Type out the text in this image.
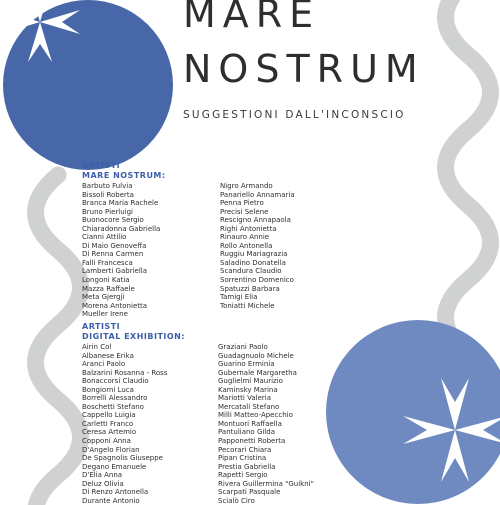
MARE
NOSTRUM
SUGGESTIONI DALL'INCONSCIO
ARTISTI
MARE NOSTRUM:
Barbuto Fulvia
Bissoli Roberta
Branca Maria Rachele
Bruno Pierluigi
Buonocore Sergio
Chiaradonna Gabriella
Cianni Attilio
Di Maio Genoveffa
Di Renna Carmen
Falli Francesca
Lamberti Gabriella
Longoni Katia
Mazza Raffaele
Meta Gjergji
Morena Antonietta
Mueller Irene
Nigro Armando
Panariello Annamaria
Penna Pietro
Precisi Selene
Rescigno Annapaola
Righi Antonietta
Rinauro Annie
Rollo Antonella
Ruggiu Mariagrazia
Saladino Donatella
Scandura Claudio
Sorrentino Domenico
Spatuzzi Barbara
Tamigi Elia
Toniatti Michele
ARTISTI
DIGITAL EXHIBITION:
Airin Col
Albanese Erika
Aranci Paolo
Balzarini Rosanna - Ross
Bonaccorsi Claudio
Bongiorni Luca
Borrelli Alessandro
Boschetti Stefano
Cappello Luigia
Carletti Franco
Ceresa Artemio
Copponi Anna
D'Angelo Florian
De Spagnolis Giuseppe
Degano Emanuele
D'Elia Anna
Deluz Olivia
Di Renzo Antonella
Durante Antonio
Graziani Paolo
Guadagnuolo Michele
Guarino Erminia
Gubernale Margaretha
Guglielmi Maurizio
Kaminsky Marina
Mariotti Valeria
Mercatali Stefano
Milli Matteo-Apecchio
Montuori Raffaella
Pantuliano Gilda
Papponetti Roberta
Pecorari Chiara
Pipan Cristina
Prestia Gabriella
Rapetti Sergio
Rivera Guillermina "Guikni"
Scarpati Pasquale
Scialò Ciro
